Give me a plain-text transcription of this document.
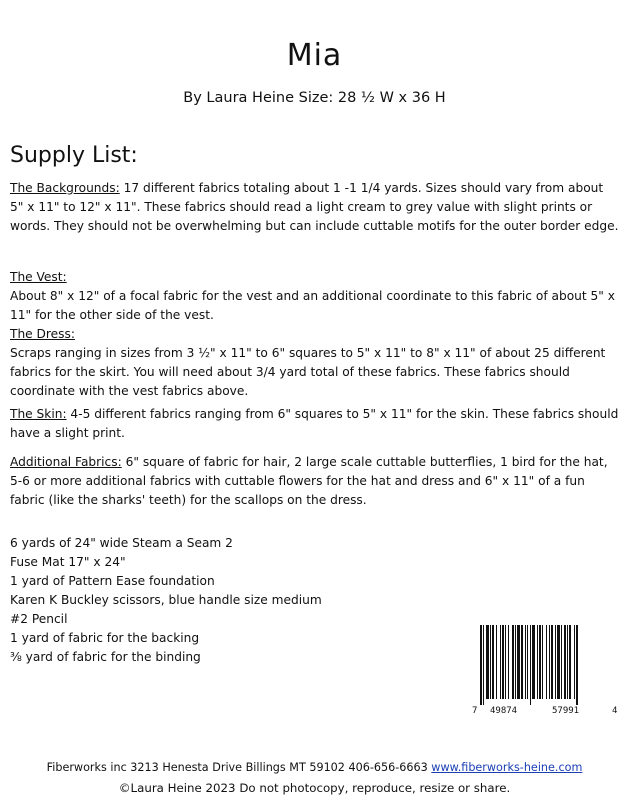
Mia
By Laura Heine Size: 28 ½ W x 36 H
Supply List:

The Backgrounds: 17 different fabrics totaling about 1 -1 1/4 yards. Sizes should vary from about 5" x 11" to 12" x 11". These fabrics should read a light cream to grey value with slight prints or words. They should not be overwhelming but can include cuttable motifs for the outer border edge.

The Vest:

About 8" x 12" of a focal fabric for the vest and an additional coordinate to this fabric of about 5" x 11" for the other side of the vest.

The Dress:

Scraps ranging in sizes from 3 ½" x 11" to 6" squares to 5" x 11" to 8" x 11" of about 25 different fabrics for the skirt. You will need about 3/4 yard total of these fabrics. These fabrics should coordinate with the vest fabrics above.

The Skin: 4-5 different fabrics ranging from 6" squares to 5" x 11" for the skin. These fabrics should have a slight print.

Additional Fabrics: 6" square of fabric for hair, 2 large scale cuttable butterflies, 1 bird for the hat, 5-6 or more additional fabrics with cuttable flowers for the hat and dress and 6" x 11" of a fun fabric (like the sharks' teeth) for the scallops on the dress.

6 yards of 24" wide Steam a Seam 2
Fuse Mat 17" x 24"
1 yard of Pattern Ease foundation
Karen K Buckley scissors, blue handle size medium
#2 Pencil
1 yard of fabric for the backing
⅜ yard of fabric for the binding
7 49874	57991	4
Fiberworks inc 3213 Henesta Drive Billings MT 59102 406-656-6663 www.fiberworks-heine.com
©Laura Heine 2023 Do not photocopy, reproduce, resize or share.
